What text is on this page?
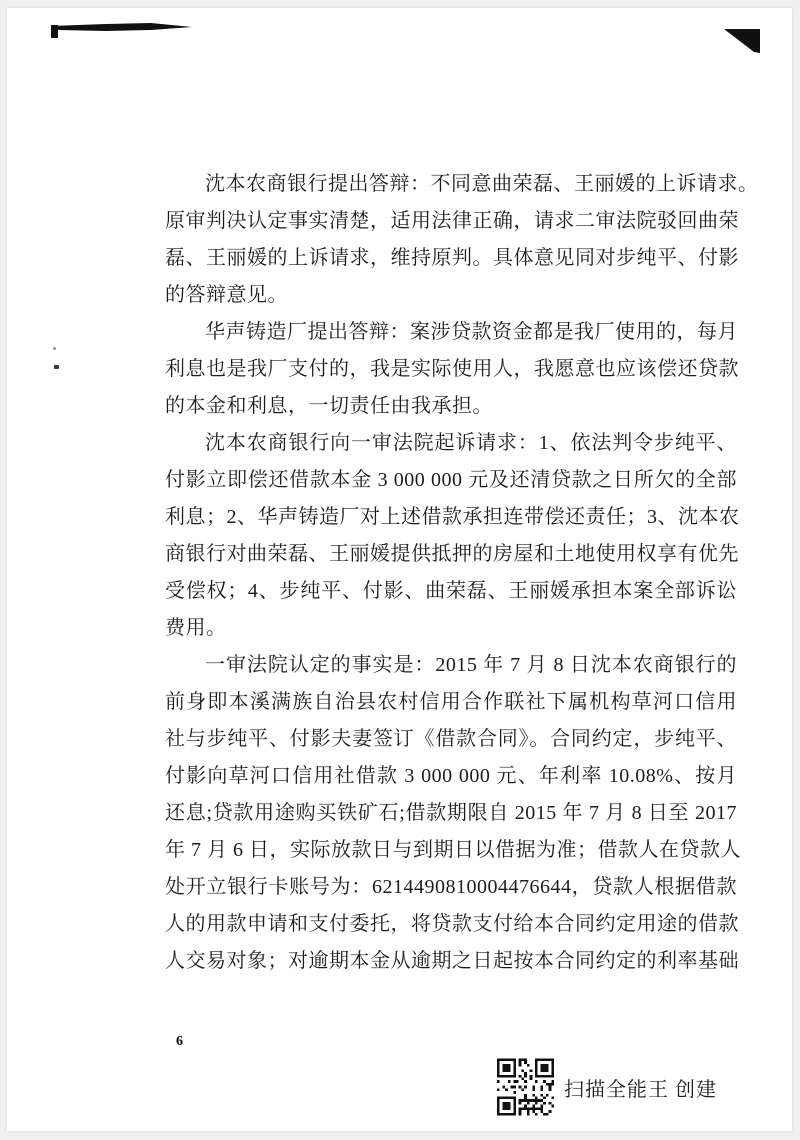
沈本农商银行提出答辩：不同意曲荣磊、王丽媛的上诉请求。
原审判决认定事实清楚，适用法律正确，请求二审法院驳回曲荣
磊、王丽媛的上诉请求，维持原判。具体意见同对步纯平、付影
的答辩意见。
华声铸造厂提出答辩：案涉贷款资金都是我厂使用的，每月
利息也是我厂支付的，我是实际使用人，我愿意也应该偿还贷款
的本金和利息，一切责任由我承担。
沈本农商银行向一审法院起诉请求：1、依法判令步纯平、
付影立即偿还借款本金 3 000 000 元及还清贷款之日所欠的全部
利息；2、华声铸造厂对上述借款承担连带偿还责任；3、沈本农
商银行对曲荣磊、王丽媛提供抵押的房屋和土地使用权享有优先
受偿权；4、步纯平、付影、曲荣磊、王丽媛承担本案全部诉讼
费用。
一审法院认定的事实是：2015 年 7 月 8 日沈本农商银行的
前身即本溪满族自治县农村信用合作联社下属机构草河口信用
社与步纯平、付影夫妻签订《借款合同》。合同约定，步纯平、
付影向草河口信用社借款 3 000 000 元、年利率 10.08%、按月
还息;贷款用途购买铁矿石;借款期限自 2015 年 7 月 8 日至 2017
年 7 月 6 日，实际放款日与到期日以借据为准；借款人在贷款人
处开立银行卡账号为：6214490810004476644，贷款人根据借款
人的用款申请和支付委托，将贷款支付给本合同约定用途的借款
人交易对象；对逾期本金从逾期之日起按本合同约定的利率基础
6
扫描全能王 创建
